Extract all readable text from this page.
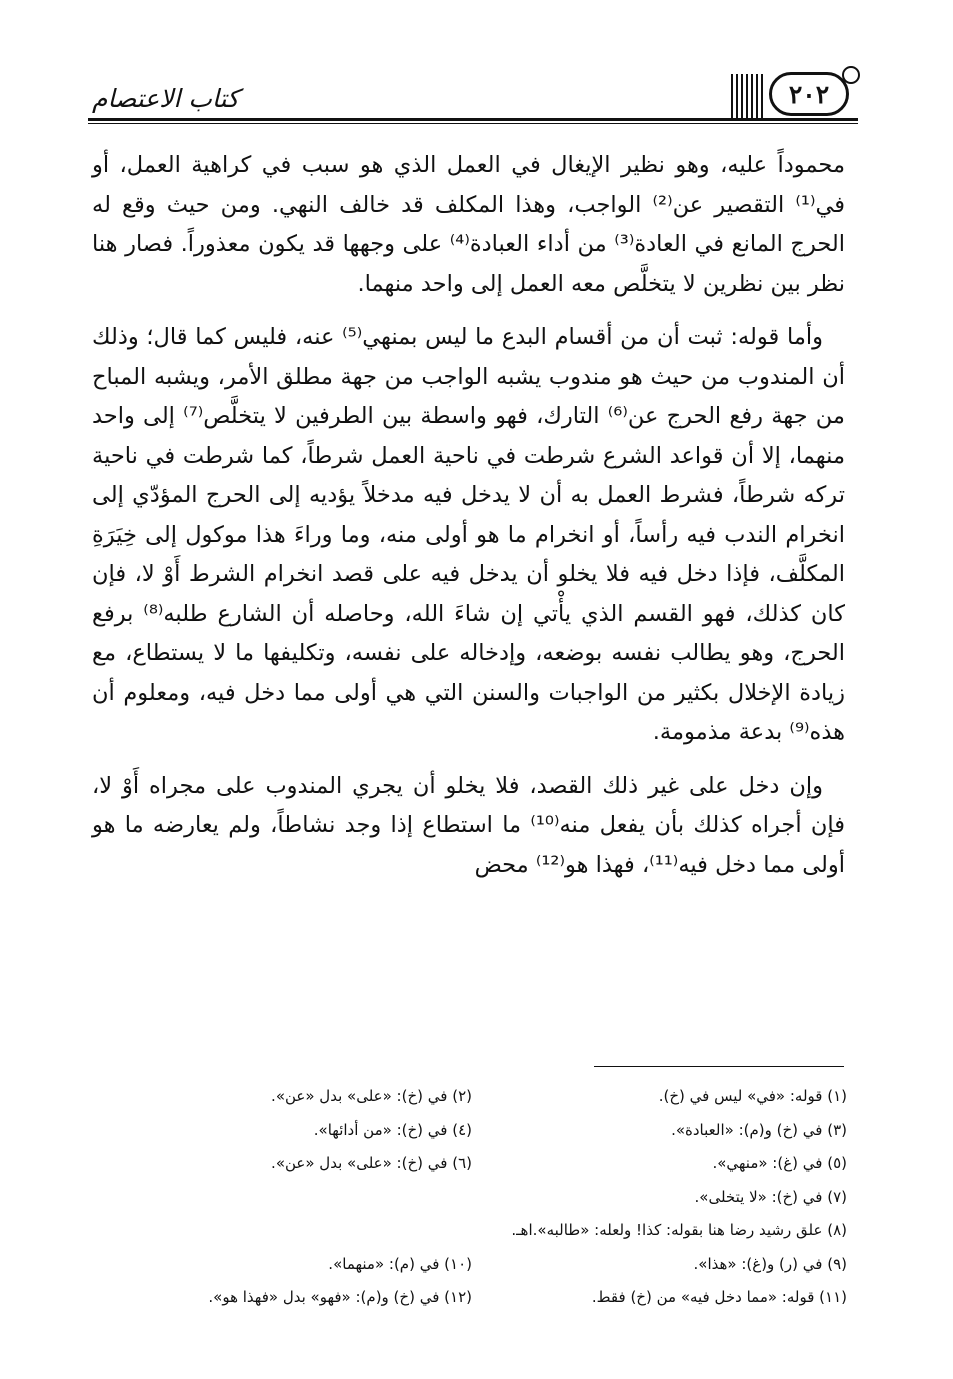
كتاب الاعتصام	٢٠٢

محموداً عليه، وهو نظير الإيغال في العمل الذي هو سبب في كراهية العمل، أو في⁽¹⁾ التقصير عن⁽²⁾ الواجب، وهذا المكلف قد خالف النهي. ومن حيث وقع له الحرج المانع في العادة⁽³⁾ من أداء العبادة⁽⁴⁾ على وجهها قد يكون معذوراً. فصار هنا نظر بين نظرين لا يتخلَّص معه العمل إلى واحد منهما.

وأما قوله: ثبت أن من أقسام البدع ما ليس بمنهي⁽⁵⁾ عنه، فليس كما قال؛ وذلك أن المندوب من حيث هو مندوب يشبه الواجب من جهة مطلق الأمر، ويشبه المباح من جهة رفع الحرج عن⁽⁶⁾ التارك، فهو واسطة بين الطرفين لا يتخلَّص⁽⁷⁾ إلى واحد منهما، إلا أن قواعد الشرع شرطت في ناحية العمل شرطاً، كما شرطت في ناحية تركه شرطاً، فشرط العمل به أن لا يدخل فيه مدخلاً يؤديه إلى الحرج المؤدّي إلى انخرام الندب فيه رأساً، أو انخرام ما هو أولى منه، وما وراءَ هذا موكول إلى خِيَرَةِ المكلَّف، فإذا دخل فيه فلا يخلو أن يدخل فيه على قصد انخرام الشرط أَوْ لا، فإن كان كذلك، فهو القسم الذي يأْتي إن شاءَ الله، وحاصله أن الشارع طلبه⁽⁸⁾ برفع الحرج، وهو يطالب نفسه بوضعه، وإدخاله على نفسه، وتكليفها ما لا يستطاع، مع زيادة الإخلال بكثير من الواجبات والسنن التي هي أولى مما دخل فيه، ومعلوم أن هذه⁽⁹⁾ بدعة مذمومة.

وإن دخل على غير ذلك القصد، فلا يخلو أن يجري المندوب على مجراه أَوْ لا، فإن أجراه كذلك بأن يفعل منه⁽¹⁰⁾ ما استطاع إذا وجد نشاطاً، ولم يعارضه ما هو أولى مما دخل فيه⁽¹¹⁾، فهذا هو⁽¹²⁾ محض

(١) قوله: «في» ليس في (خ).
(٢) في (خ): «على» بدل «عن».
(٣) في (خ) و(م): «العبادة».
(٤) في (خ): «من أدائها».
(٥) في (غ): «منهي».
(٦) في (خ): «على» بدل «عن».
(٧) في (خ): «لا يتخلى».
(٨) علق رشيد رضا هنا بقوله: كذا! ولعله: «طالبه».اهـ.
(٩) في (ر) و(غ): «هذا».
(١٠) في (م): «منهما».
(١١) قوله: «مما دخل فيه» من (خ) فقط.
(١٢) في (خ) و(م): «فهو» بدل «فهذا هو».
